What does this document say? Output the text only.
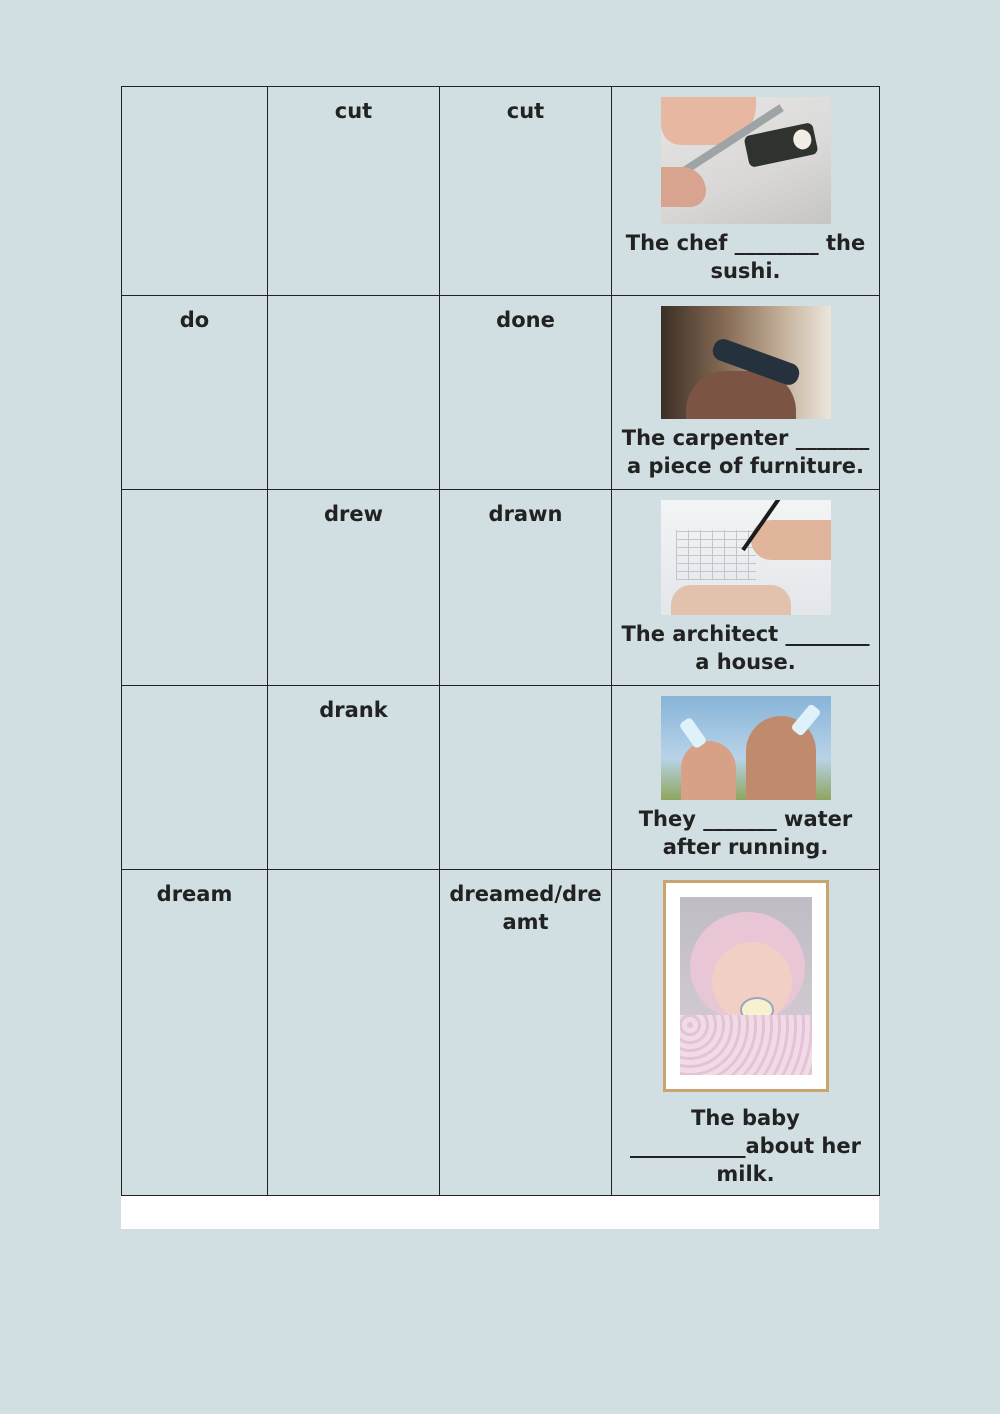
	cut	cut	The chef ________ the
sushi.

do		done	The carpenter _______
a piece of furniture.

	drew	drawn	The architect ________
a house.

	drank		They _______ water
after running.

dream		dreamed/dreamt	The baby
___________about her
milk.
